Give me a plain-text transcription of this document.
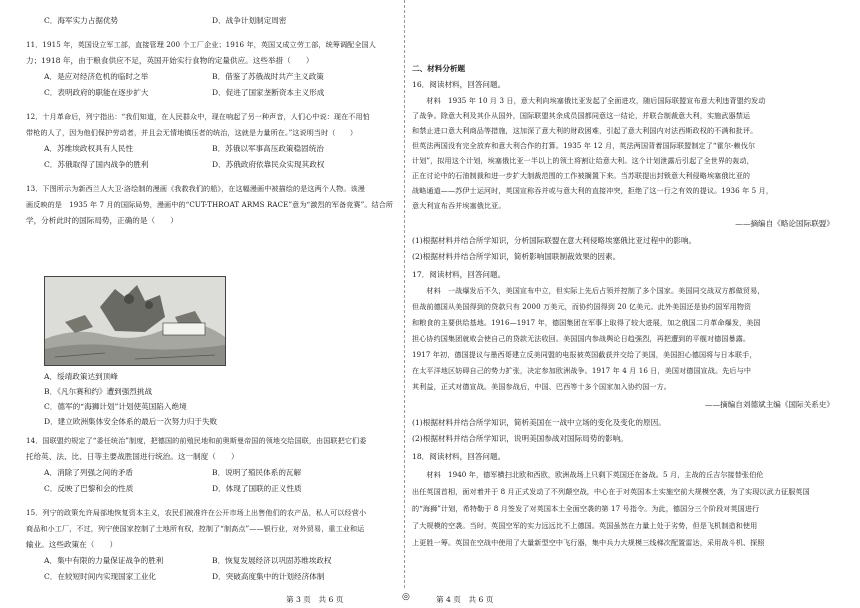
C．海军实力占据优势	D．战争计划制定周密
11．1915 年，英国设立军工部，直接管理 200 个工厂企业；1916 年，英国又成立劳工部，统筹调配全国人
力；1918 年，由于粮食供应不足，英国开始实行食物的定量供应。这些举措（　　）
A．是应对经济危机的临时之举	B．借鉴了苏俄战时共产主义政策
C．表明政府的职能在逐步扩大	D．促进了国家垄断资本主义形成
12．十月革命后，列宁指出：“我们知道，在人民群众中，现在响起了另一种声音，人们心中说：现在不用怕
带枪的人了，因为他们保护劳动者，并且会无情地镇压者的统治，这就是力量所在。”这说明当时（　　）
A．苏维埃政权具有人民性	B．苏俄以军事高压政策稳固统治
C．苏俄取得了国内战争的胜利	D．苏俄政府依靠民众实现其政权
13．下图所示为新西兰人大卫·洛绘制的漫画《我救我们的船》，在这幅漫画中被描绘的是这两个人物。该漫
画反映的是　1935 年 7 月的国际局势，漫画中的“CUT-THROAT ARMS RACE”意为“激烈的军备竞赛”。结合所
学，分析此时的国际局势，正确的是（　　）
A．绥靖政策达到顶峰
B．《凡尔赛和约》遭到强烈挑战
C．德军的“海狮计划”计划使英国陷入绝境
D．建立欧洲集体安全体系的最后一次努力归于失败
14．国联盟约规定了“委任统治”制度，把德国的前殖民地和前奥斯曼帝国的领地交给国联，由国联把它们委
托给英、法、比、日等主要战胜国进行统治。这一制度（　　）
A．消除了列强之间的矛盾	B．说明了殖民体系的瓦解
C．反映了巴黎和会的性质	D．体现了国联的正义性质
15．列宁的政策允许局部地恢复资本主义，农民们被准许在公开市场上出售他们的农产品，私人可以经营小
商品和小工厂，不过，列宁使国家控制了土地所有权，控制了“制高点”——银行业，对外贸易，重工业和运
输业。这些政策在（　　）
A．集中有限的力量保证战争的胜利	B．恢复发展经济以巩固苏维埃政权
C．在较短时间内实现国家工业化	D．突破高度集中的计划经济体制
二、材料分析题
16．阅读材料，回答问题。
　　材料　1935 年 10 月 3 日，意大利向埃塞俄比亚发起了全面进攻，随后国际联盟宣布意大利违背盟约发动
了战争。除意大利及其仆从国外，国际联盟其余成员国都同意这一结论，并联合制裁意大利，实施武器禁运
和禁止进口意大利商品等措施，这加深了意大利的财政困难，引起了意大利国内对法西斯政权的不满和批评。
但英法两国没有完全放弃和意大利合作的打算。1935 年 12 月，英法两国背着国际联盟制定了“霍尔-赖伐尔
计划”，拟用这个计划，埃塞俄比亚一半以上的领土将割让给意大利。这个计划泄露后引起了全世界的轰动，
正在讨论中的石油制裁和进一步扩大制裁范围的工作被搁置下来。当苏联提出封锁意大利侵略埃塞俄比亚的
战略通道——苏伊士运河时，英国宣称吞并或与意大利的直接冲突，拒绝了这一行之有效的提议。1936 年 5 月，
意大利宣布吞并埃塞俄比亚。
——摘编自《略论国际联盟》
(1)根据材料并结合所学知识，分析国际联盟在意大利侵略埃塞俄比亚过程中的影响。
(2)根据材料并结合所学知识，简析影响国联制裁效果的因素。
17．阅读材料，回答问题。
　　材料　一战爆发后不久，美国宣布中立，但实际上先后占领并控制了多个国家。美国同交战双方都做贸易，
但战前德国从美国得到的贷款只有 2000 万美元，而协约国得到 20 亿美元。此外美国还是协约国军用物资
和粮食的主要供给基地。1916—1917 年，德国集团在军事上取得了较大进展，加之俄国二月革命爆发，美国
担心协约国集团就败会使自己的贷款无法收回。美国国内参战舆论日趋强烈，再把遭到的平舰对德国暴露。
1917 年初，德国提议与墨西哥建立反美同盟的电报被英国截获并交给了美国，美国担心德国将与日本联手，
在太平洋地区妨碍自己的势力扩张，决定参加欧洲战争。1917 年 4 月 16 日，美国对德国宣战。先后与中
其利益，正式对德宣战。美国参战后，中国、巴西等十多个国家加入协约国一方。
——摘编自刘德斌主编《国际关系史》
(1)根据材料并结合所学知识，简析美国在一战中立场的变化及变化的原因。
(2)根据材料并结合所学知识，说明美国参战对国际局势的影响。
18．阅读材料，回答问题。
　　材料　1940 年，德军横扫北欧和西欧，欧洲战场上只剩下英国还在备战。5 月，主战的丘吉尔接替张伯伦
出任英国首相，面对着并于 8 月正式发动了不列颠空战，中心在于对英国本土实施空前大规模空袭，为了实现以武力征服英国
的“海狮”计划，希特勒于 8 月签发了对英国本土全面空袭的第 17 号指令。为此，德国分三个阶段对英国进行
了大规模的空袭。当时，英国空军的实力远远比不上德国。英国虽然在力量上处于劣势，但是飞机制造和使用
上更胜一筹。英国在空战中使用了大量新型空中飞行器，集中兵力大规模三线梯次配置雷达，采用战斗机、探照
第 3 页　共 6 页	◎	第 4 页　共 6 页
